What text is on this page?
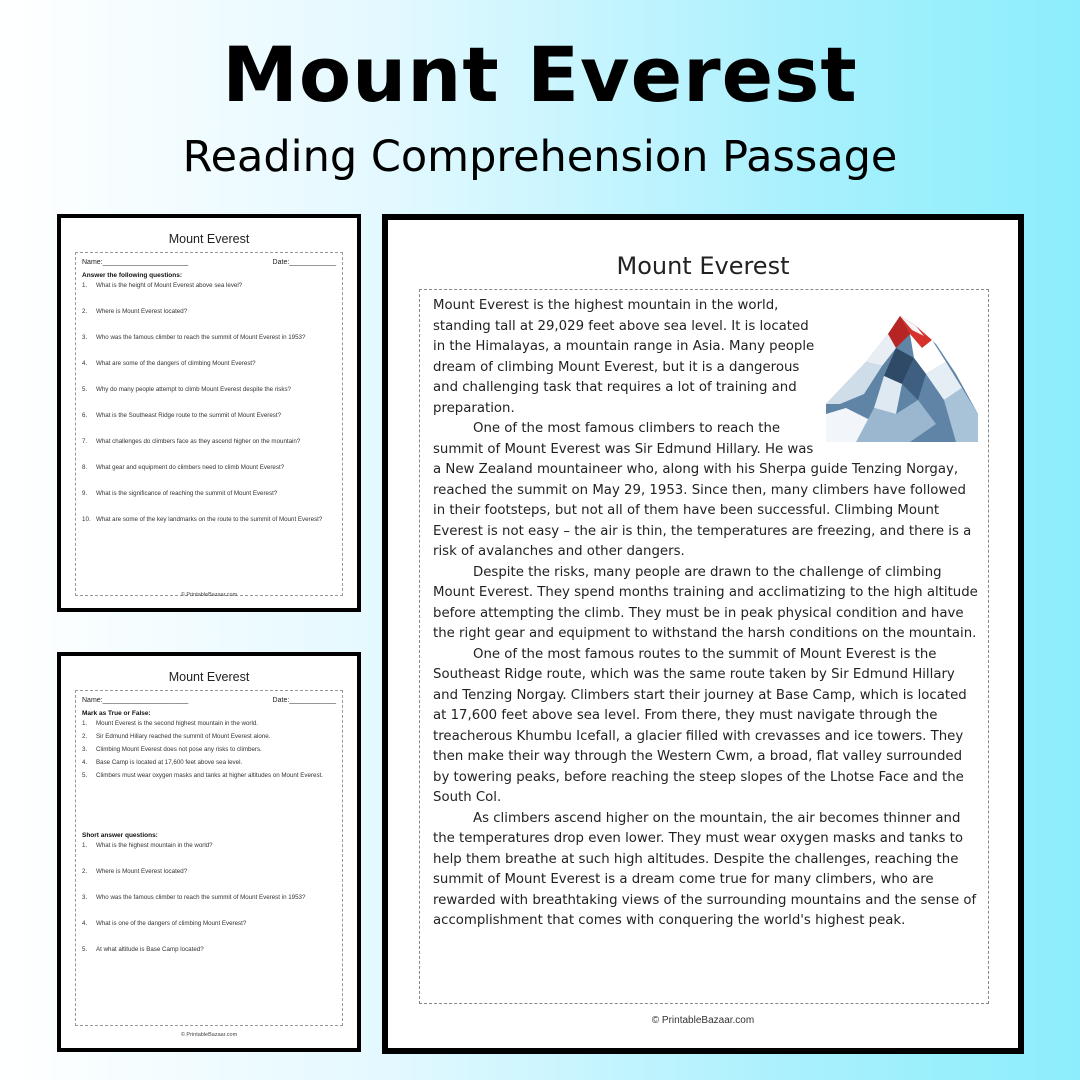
Mount Everest
Reading Comprehension Passage
Mount Everest
Name:______________________	Date:____________
Answer the following questions:
1.	What is the height of Mount Everest above sea level?
2.	Where is Mount Everest located?
3.	Who was the famous climber to reach the summit of Mount Everest in 1953?
4.	What are some of the dangers of climbing Mount Everest?
5.	Why do many people attempt to climb Mount Everest despite the risks?
6.	What is the Southeast Ridge route to the summit of Mount Everest?
7.	What challenges do climbers face as they ascend higher on the mountain?
8.	What gear and equipment do climbers need to climb Mount Everest?
9.	What is the significance of reaching the summit of Mount Everest?
10. What are some of the key landmarks on the route to the summit of Mount Everest?
© PrintableBazaar.com
Mount Everest
Name:______________________	Date:____________
Mark as True or False:
1.	Mount Everest is the second highest mountain in the world.
2.	Sir Edmund Hillary reached the summit of Mount Everest alone.
3.	Climbing Mount Everest does not pose any risks to climbers.
4.	Base Camp is located at 17,600 feet above sea level.
5.	Climbers must wear oxygen masks and tanks at higher altitudes on Mount Everest.
Short answer questions:
1.	What is the highest mountain in the world?
2.	Where is Mount Everest located?
3.	Who was the famous climber to reach the summit of Mount Everest in 1953?
4.	What is one of the dangers of climbing Mount Everest?
5.	At what altitude is Base Camp located?
© PrintableBazaar.com
Mount Everest

Mount Everest is the highest mountain in the world, standing tall at 29,029 feet above sea level. It is located in the Himalayas, a mountain range in Asia. Many people dream of climbing Mount Everest, but it is a dangerous and challenging task that requires a lot of training and preparation.

One of the most famous climbers to reach the summit of Mount Everest was Sir Edmund Hillary. He was a New Zealand mountaineer who, along with his Sherpa guide Tenzing Norgay, reached the summit on May 29, 1953. Since then, many climbers have followed in their footsteps, but not all of them have been successful. Climbing Mount Everest is not easy – the air is thin, the temperatures are freezing, and there is a risk of avalanches and other dangers.

Despite the risks, many people are drawn to the challenge of climbing Mount Everest. They spend months training and acclimatizing to the high altitude before attempting the climb. They must be in peak physical condition and have the right gear and equipment to withstand the harsh conditions on the mountain.

One of the most famous routes to the summit of Mount Everest is the Southeast Ridge route, which was the same route taken by Sir Edmund Hillary and Tenzing Norgay. Climbers start their journey at Base Camp, which is located at 17,600 feet above sea level. From there, they must navigate through the treacherous Khumbu Icefall, a glacier filled with crevasses and ice towers. They then make their way through the Western Cwm, a broad, flat valley surrounded by towering peaks, before reaching the steep slopes of the Lhotse Face and the South Col.

As climbers ascend higher on the mountain, the air becomes thinner and the temperatures drop even lower. They must wear oxygen masks and tanks to help them breathe at such high altitudes. Despite the challenges, reaching the summit of Mount Everest is a dream come true for many climbers, who are rewarded with breathtaking views of the surrounding mountains and the sense of accomplishment that comes with conquering the world's highest peak.

© PrintableBazaar.com
